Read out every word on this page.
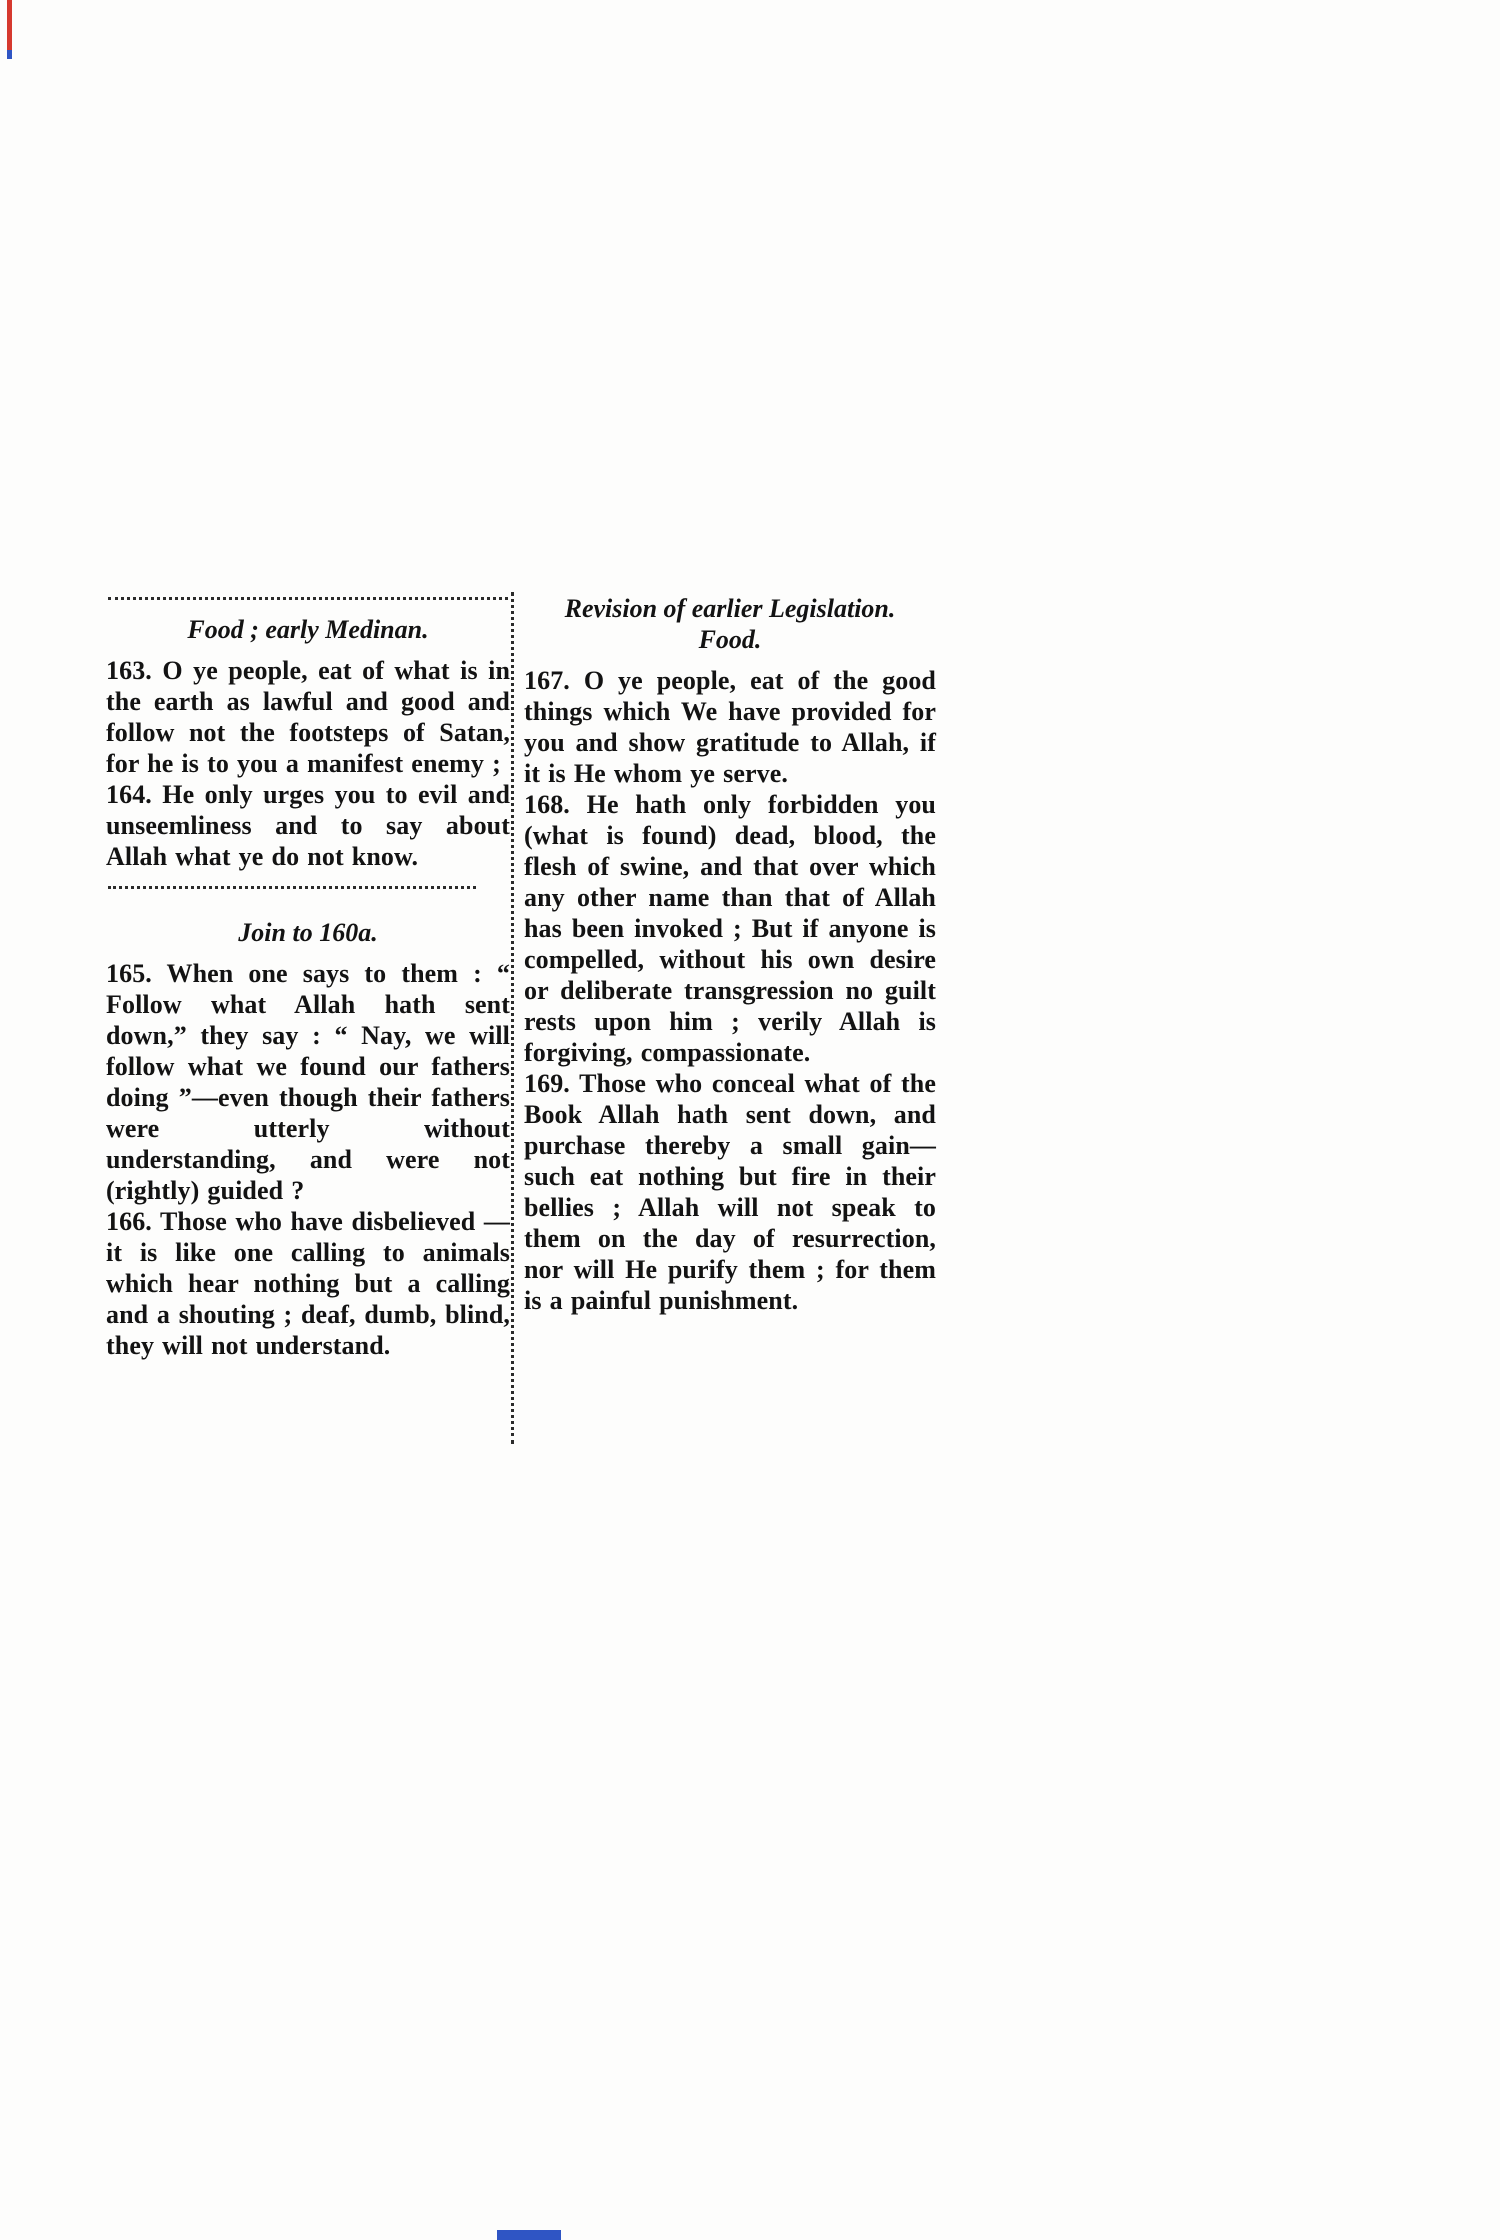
Food ; early Medinan.

163. O ye people, eat of what is in the earth as lawful and good and follow not the footsteps of Satan, for he is to you a manifest enemy ;

164. He only urges you to evil and unseemliness and to say about Allah what ye do not know.

Join to 160a.

165. When one says to them : “ Follow what Allah hath sent down,” they say : “ Nay, we will follow what we found our fathers doing ”—even though their fathers were utterly without understanding, and were not (rightly) guided ?

166. Those who have disbelieved —it is like one calling to animals which hear nothing but a calling and a shouting ; deaf, dumb, blind, they will not understand.

Revision of earlier Legislation.
Food.

167. O ye people, eat of the good things which We have provided for you and show gratitude to Allah, if it is He whom ye serve.

168. He hath only forbidden you (what is found) dead, blood, the flesh of swine, and that over which any other name than that of Allah has been invoked ; But if anyone is compelled, without his own desire or deliberate transgression no guilt rests upon him ; verily Allah is forgiving, compassionate.

169. Those who conceal what of the Book Allah hath sent down, and purchase thereby a small gain—such eat nothing but fire in their bellies ; Allah will not speak to them on the day of resurrection, nor will He purify them ; for them is a painful punishment.
